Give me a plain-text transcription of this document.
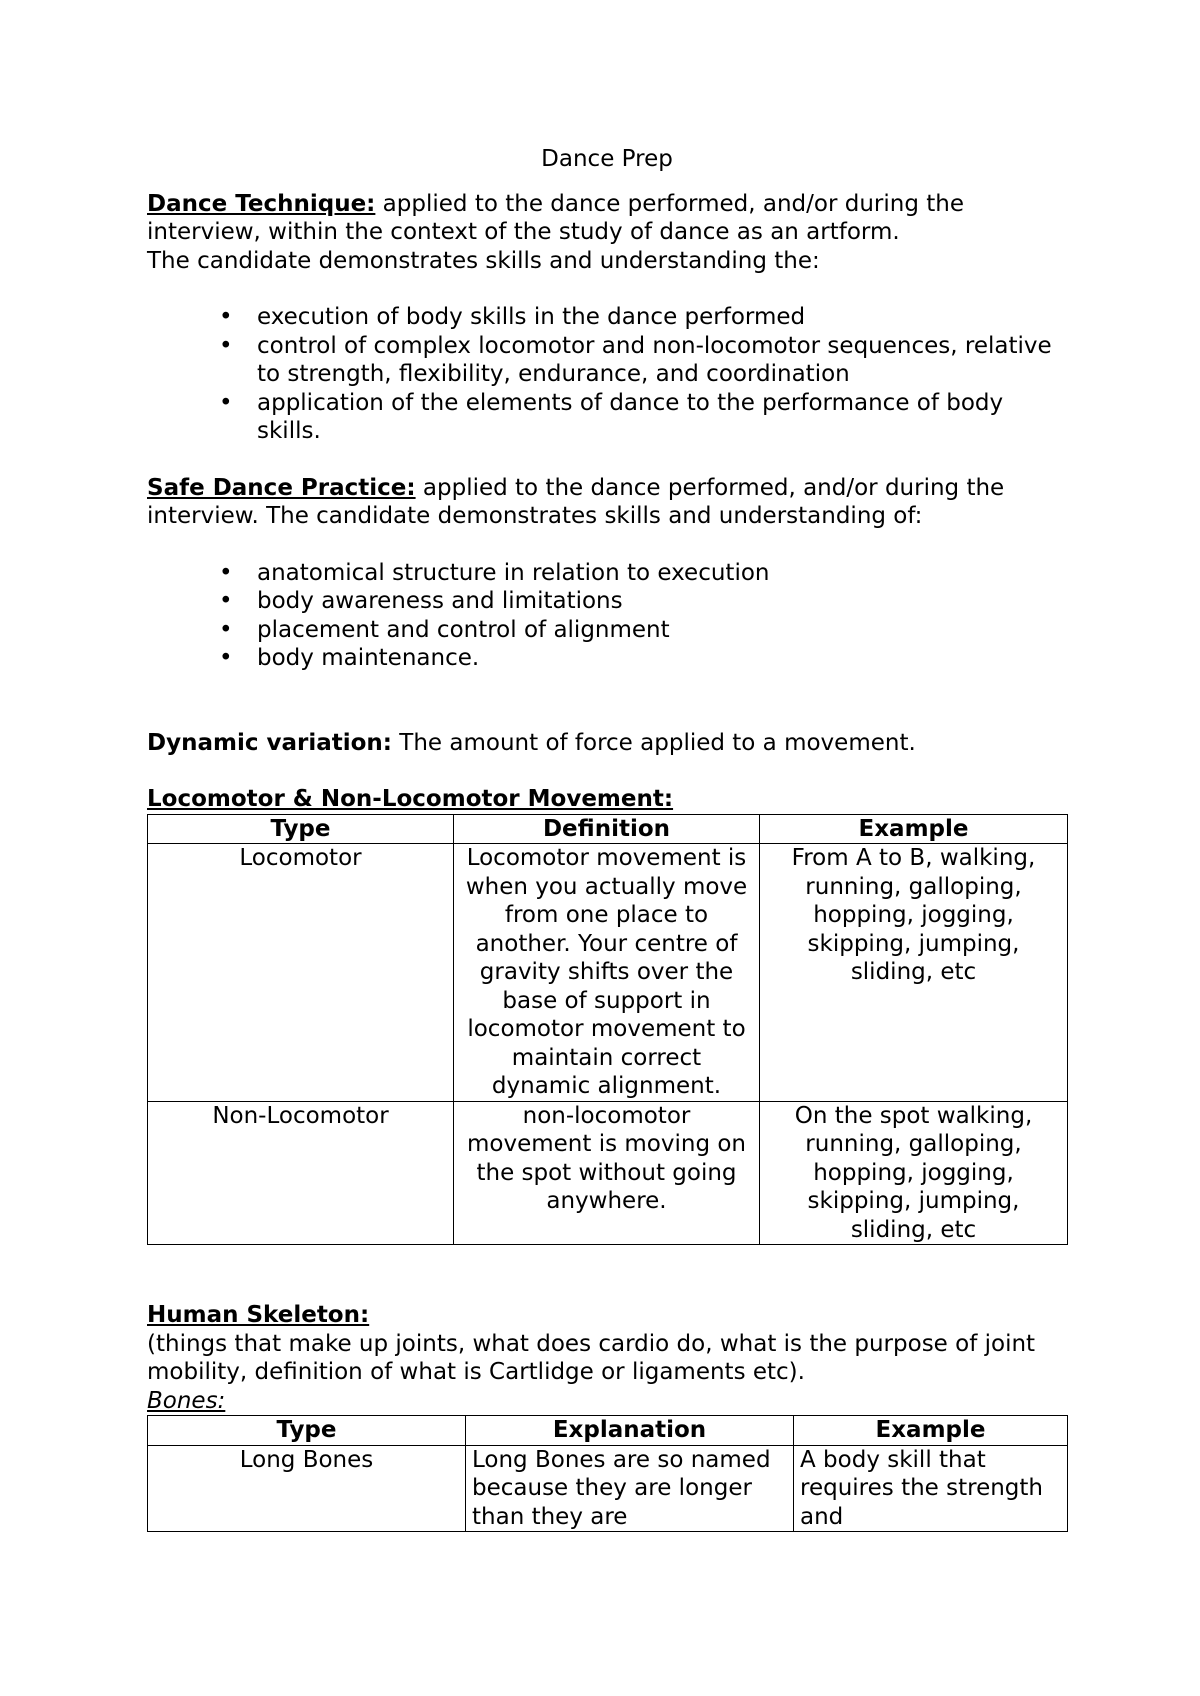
Dance Prep

Dance Technique: applied to the dance performed, and/or during the interview, within the context of the study of dance as an artform.

The candidate demonstrates skills and understanding the:

• execution of body skills in the dance performed
• control of complex locomotor and non-locomotor sequences, relative to strength, flexibility, endurance, and coordination
• application of the elements of dance to the performance of body skills.

Safe Dance Practice: applied to the dance performed, and/or during the interview. The candidate demonstrates skills and understanding of:

• anatomical structure in relation to execution
• body awareness and limitations
• placement and control of alignment
• body maintenance.

Dynamic variation: The amount of force applied to a movement.

Locomotor & Non-Locomotor Movement:

Type	Definition	Example
Locomotor	Locomotor movement is when you actually move from one place to another. Your centre of gravity shifts over the base of support in locomotor movement to maintain correct dynamic alignment.	From A to B, walking, running, galloping, hopping, jogging, skipping, jumping, sliding, etc
Non-Locomotor	non-locomotor movement is moving on the spot without going anywhere.	On the spot walking, running, galloping, hopping, jogging, skipping, jumping, sliding, etc

Human Skeleton:

(things that make up joints, what does cardio do, what is the purpose of joint mobility, definition of what is Cartlidge or ligaments etc).

Bones:

Type	Explanation	Example
Long Bones	Long Bones are so named because they are longer than they are	A body skill that requires the strength and
